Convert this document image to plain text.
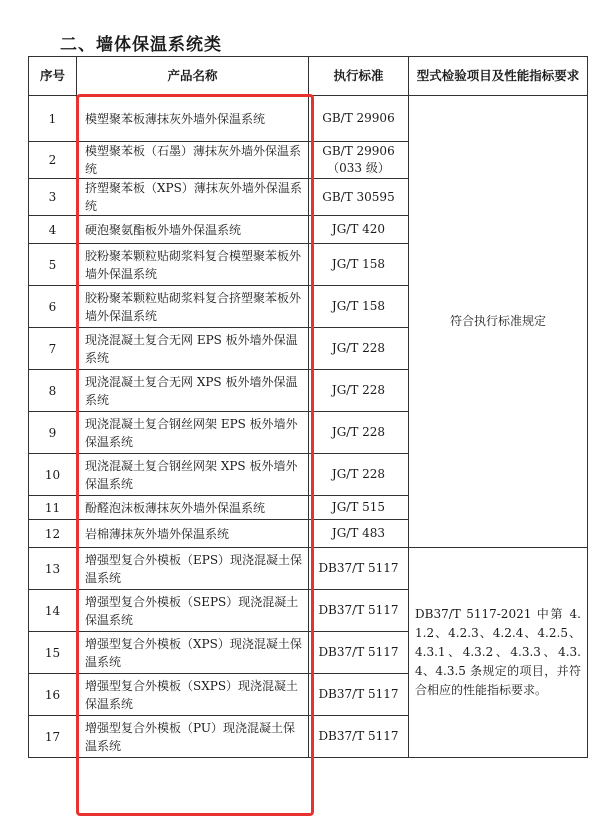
二、墙体保温系统类
序号	产品名称	执行标准	型式检验项目及性能指标要求
1	模塑聚苯板薄抹灰外墙外保温系统	GB/T 29906	符合执行标准规定
2	模塑聚苯板（石墨）薄抹灰外墙外保温系统	GB/T 29906（033 级）	
3	挤塑聚苯板（XPS）薄抹灰外墙外保温系统	GB/T 30595	
4	硬泡聚氨酯板外墙外保温系统	JG/T 420	
5	胶粉聚苯颗粒贴砌浆料复合模塑聚苯板外墙外保温系统	JG/T 158	
6	胶粉聚苯颗粒贴砌浆料复合挤塑聚苯板外墙外保温系统	JG/T 158	
7	现浇混凝土复合无网 EPS 板外墙外保温系统	JG/T 228	
8	现浇混凝土复合无网 XPS 板外墙外保温系统	JG/T 228	
9	现浇混凝土复合钢丝网架 EPS 板外墙外保温系统	JG/T 228	
10	现浇混凝土复合钢丝网架 XPS 板外墙外保温系统	JG/T 228	
11	酚醛泡沫板薄抹灰外墙外保温系统	JG/T 515	
12	岩棉薄抹灰外墙外保温系统	JG/T 483	
13	增强型复合外模板（EPS）现浇混凝土保温系统	DB37/T 5117	DB37/T 5117-2021 中第 4.1.2、4.2.3、4.2.4、4.2.5、4.3.1、4.3.2、4.3.3、4.3.4、4.3.5 条规定的项目，并符合相应的性能指标要求。
14	增强型复合外模板（SEPS）现浇混凝土保温系统	DB37/T 5117	
15	增强型复合外模板（XPS）现浇混凝土保温系统	DB37/T 5117	
16	增强型复合外模板（SXPS）现浇混凝土保温系统	DB37/T 5117	
17	增强型复合外模板（PU）现浇混凝土保温系统	DB37/T 5117	
